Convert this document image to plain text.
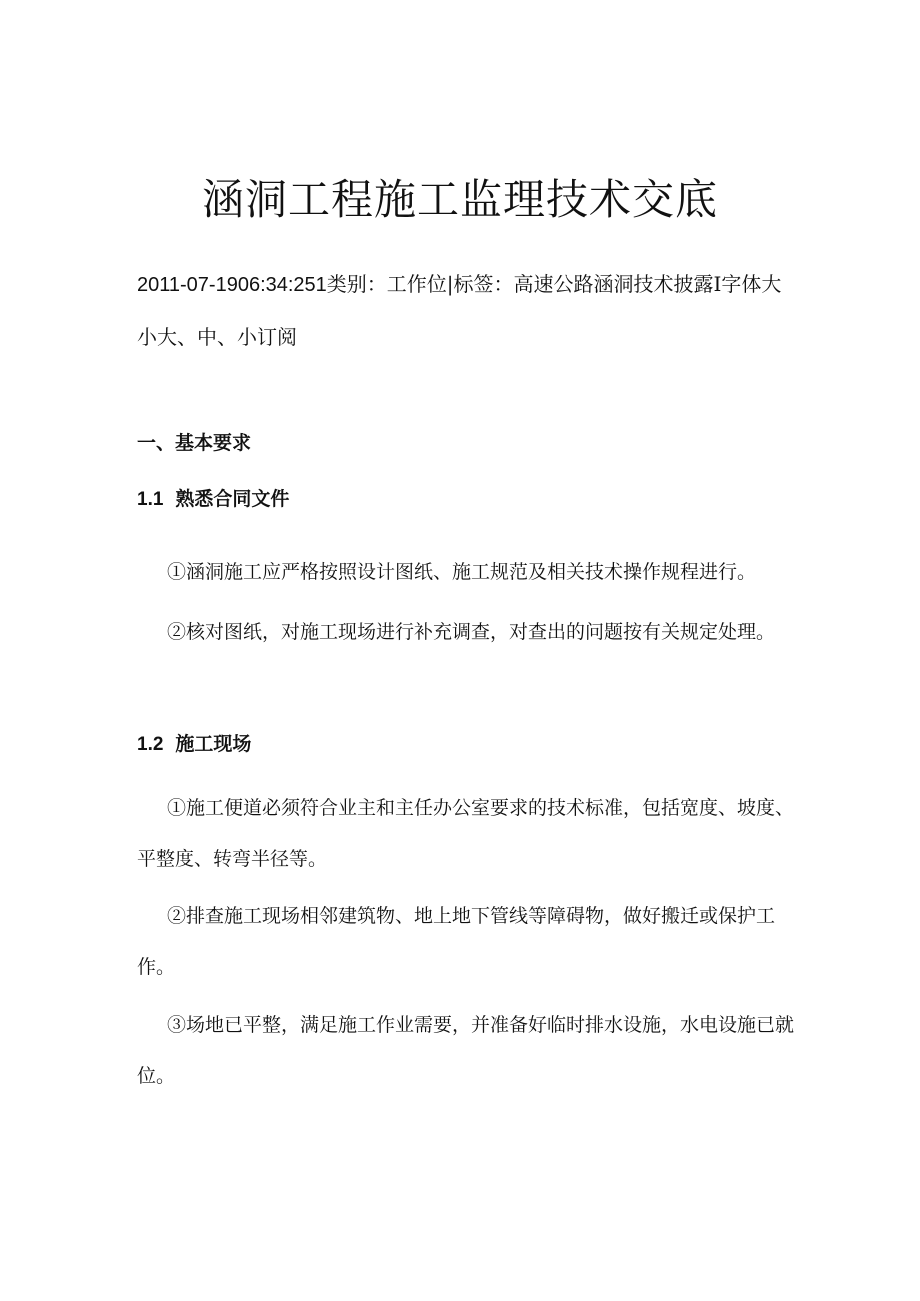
涵洞工程施工监理技术交底
2011-07-1906:34:251类别：工作位|标签：高速公路涵洞技术披露I字体大小大、中、小订阅
一、基本要求
1.1 熟悉合同文件

①涵洞施工应严格按照设计图纸、施工规范及相关技术操作规程进行。

②核对图纸，对施工现场进行补充调查，对查出的问题按有关规定处理。

1.2 施工现场

①施工便道必须符合业主和主任办公室要求的技术标准，包括宽度、坡度、平整度、转弯半径等。

②排查施工现场相邻建筑物、地上地下管线等障碍物，做好搬迁或保护工作。

③场地已平整，满足施工作业需要，并准备好临时排水设施，水电设施已就位。
